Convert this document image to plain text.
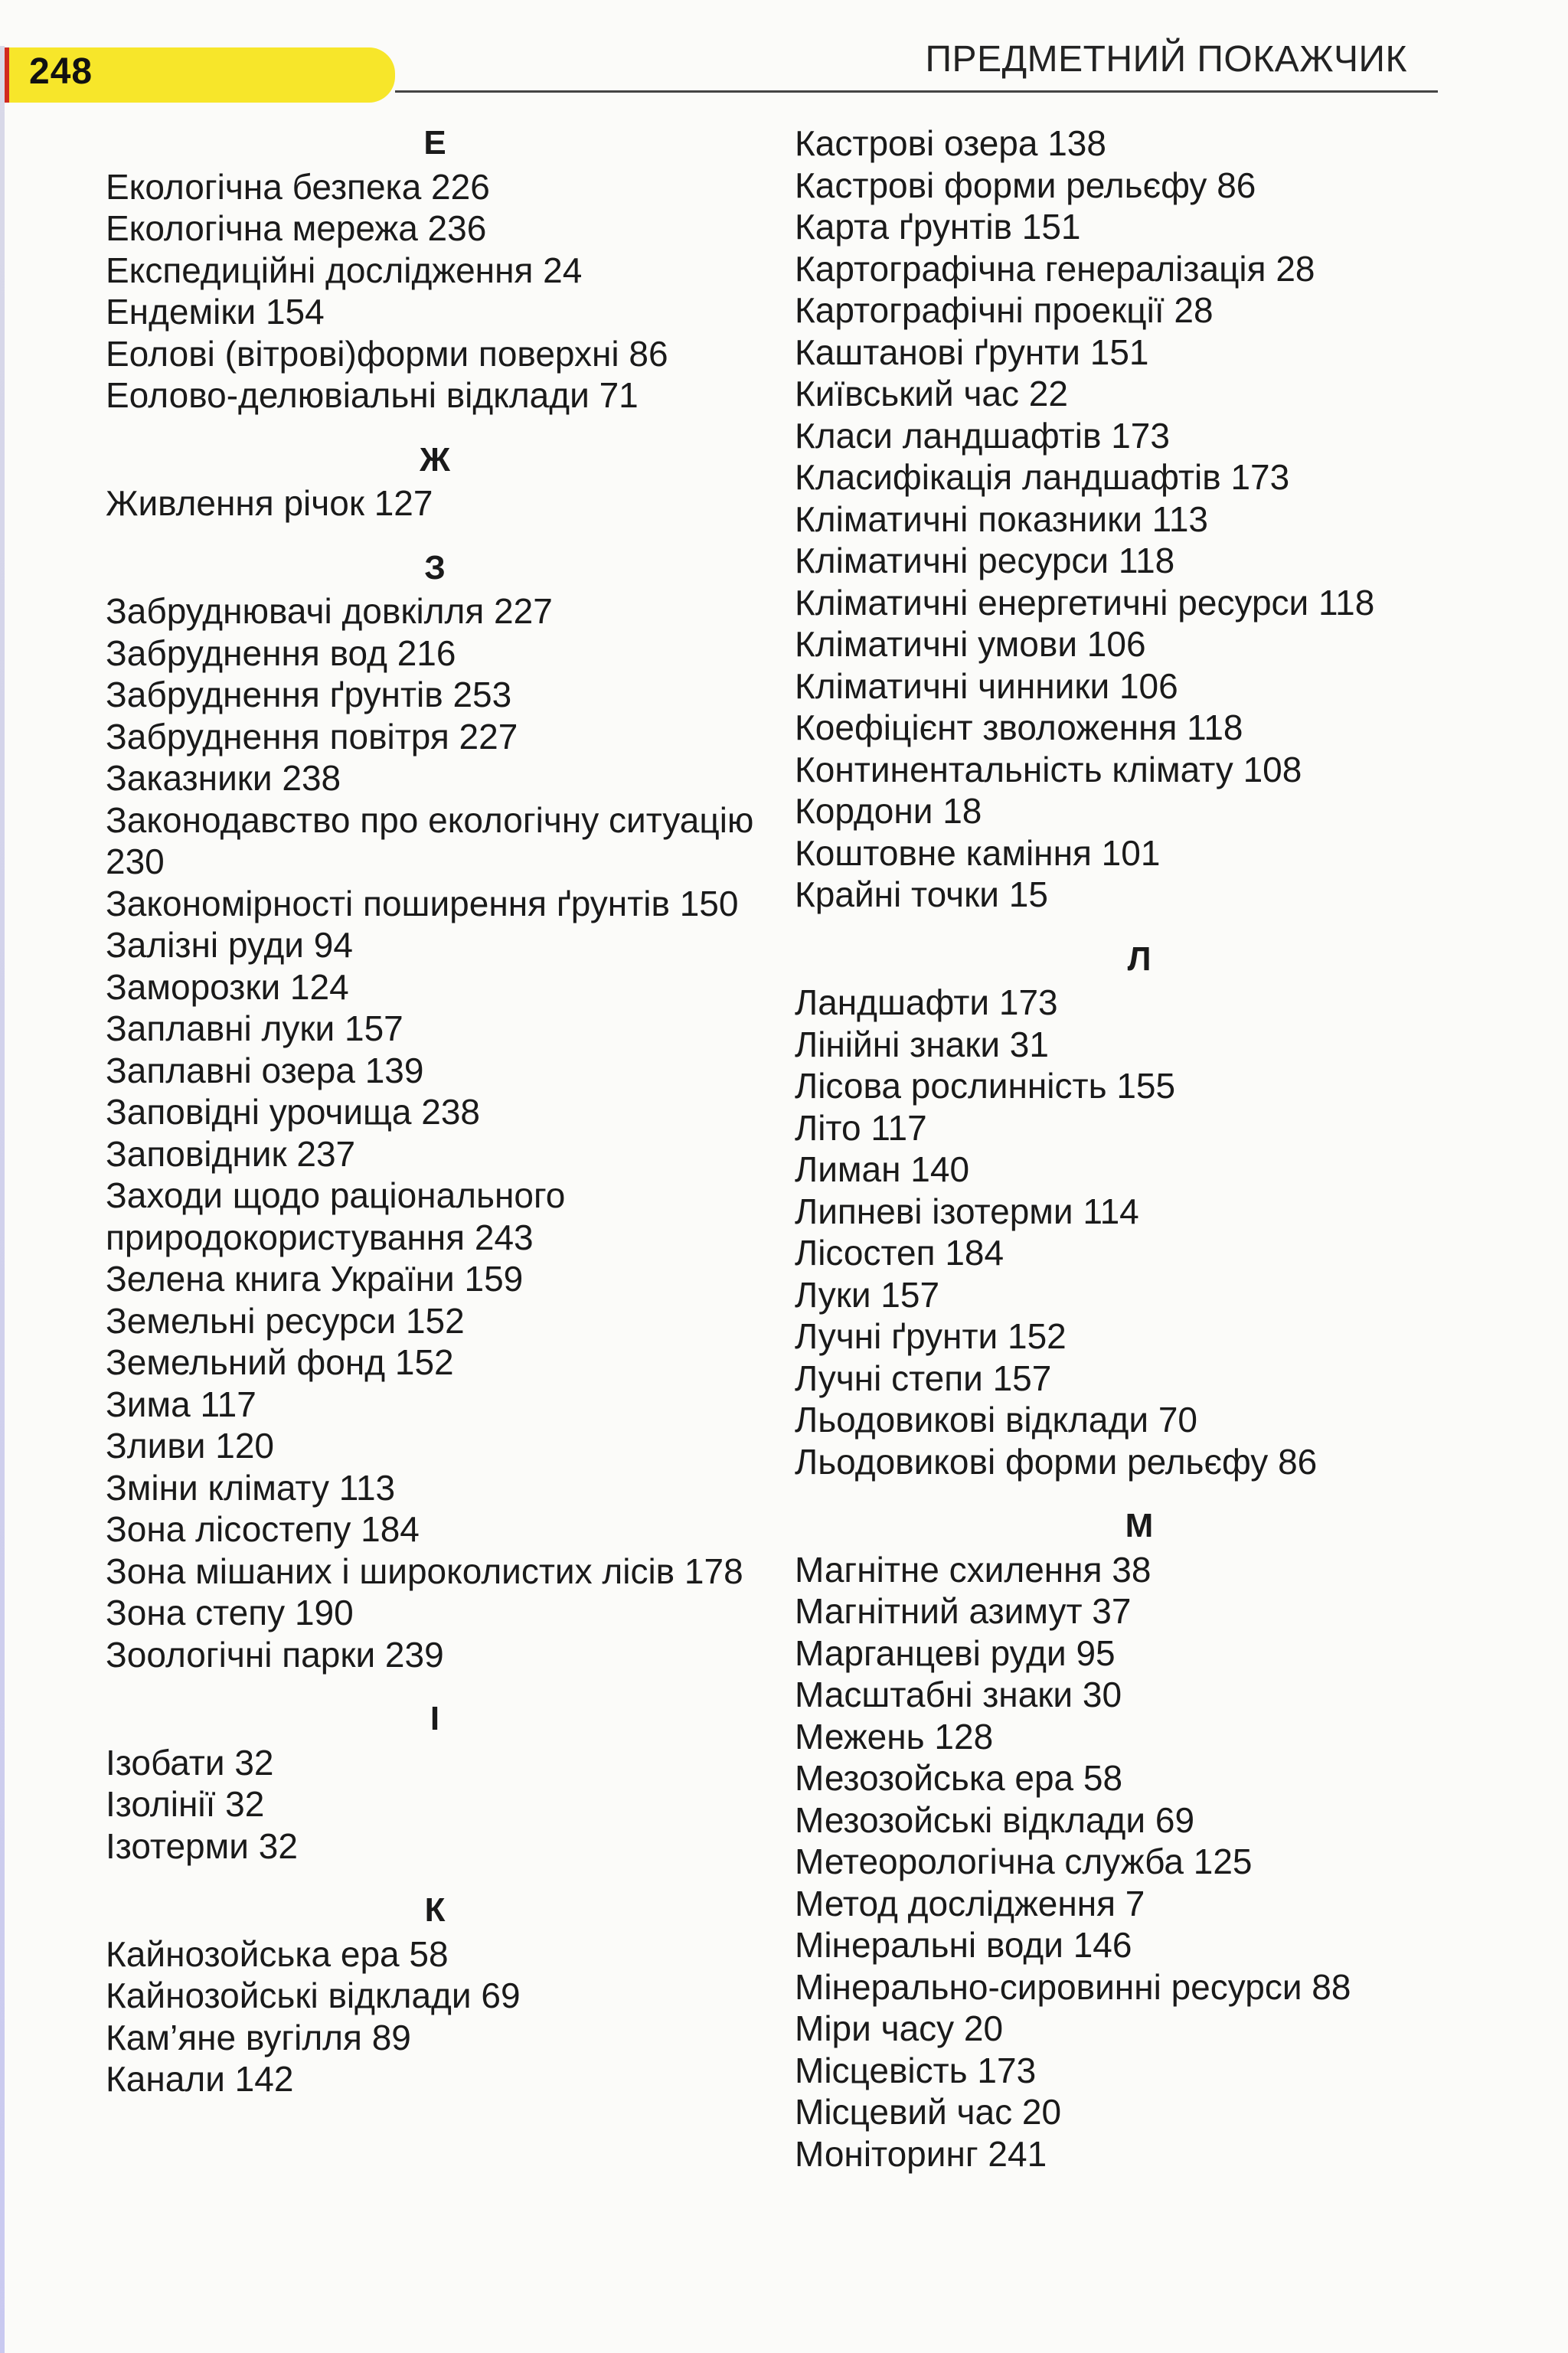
248	ПРЕДМЕТНИЙ ПОКАЖЧИК
Е
Екологічна безпека 226
Екологічна мережа 236
Експедиційні дослідження 24
Ендеміки 154
Еолові (вітрові)форми поверхні 86
Еолово-делювіальні відклади 71
Ж
Живлення річок 127
З
Забруднювачі довкілля 227
Забруднення вод 216
Забруднення ґрунтів 253
Забруднення повітря 227
Заказники 238
Законодавство про екологічну ситуацію 230
Закономірності поширення ґрунтів 150
Залізні руди 94
Заморозки 124
Заплавні луки 157
Заплавні озера 139
Заповідні урочища 238
Заповідник 237
Заходи щодо раціонального природокористування 243
Зелена книга України 159
Земельні ресурси 152
Земельний фонд 152
Зима 117
Зливи 120
Зміни клімату 113
Зона лісостепу 184
Зона мішаних і широколистих лісів 178
Зона степу 190
Зоологічні парки 239
І
Ізобати 32
Ізолінії 32
Ізотерми 32
К
Кайнозойська ера 58
Кайнозойські відклади 69
Кам’яне вугілля 89
Канали 142
Кастрові озера 138
Кастрові форми рельєфу 86
Карта ґрунтів 151
Картографічна генералізація 28
Картографічні проекції 28
Каштанові ґрунти 151
Київський час 22
Класи ландшафтів 173
Класифікація ландшафтів 173
Кліматичні показники 113
Кліматичні ресурси 118
Кліматичні енергетичні ресурси 118
Кліматичні умови 106
Кліматичні чинники 106
Коефіцієнт зволоження 118
Континентальність клімату 108
Кордони 18
Коштовне каміння 101
Крайні точки 15
Л
Ландшафти 173
Лінійні знаки 31
Лісова рослинність 155
Літо 117
Лиман 140
Липневі ізотерми 114
Лісостеп 184
Луки 157
Лучні ґрунти 152
Лучні степи 157
Льодовикові відклади 70
Льодовикові форми рельєфу 86
М
Магнітне схилення 38
Магнітний азимут 37
Марганцеві руди 95
Масштабні знаки 30
Межень 128
Мезозойська ера 58
Мезозойські відклади 69
Метеорологічна служба 125
Метод дослідження 7
Мінеральні води 146
Мінерально-сировинні ресурси 88
Міри часу 20
Місцевість 173
Місцевий час 20
Моніторинг 241
